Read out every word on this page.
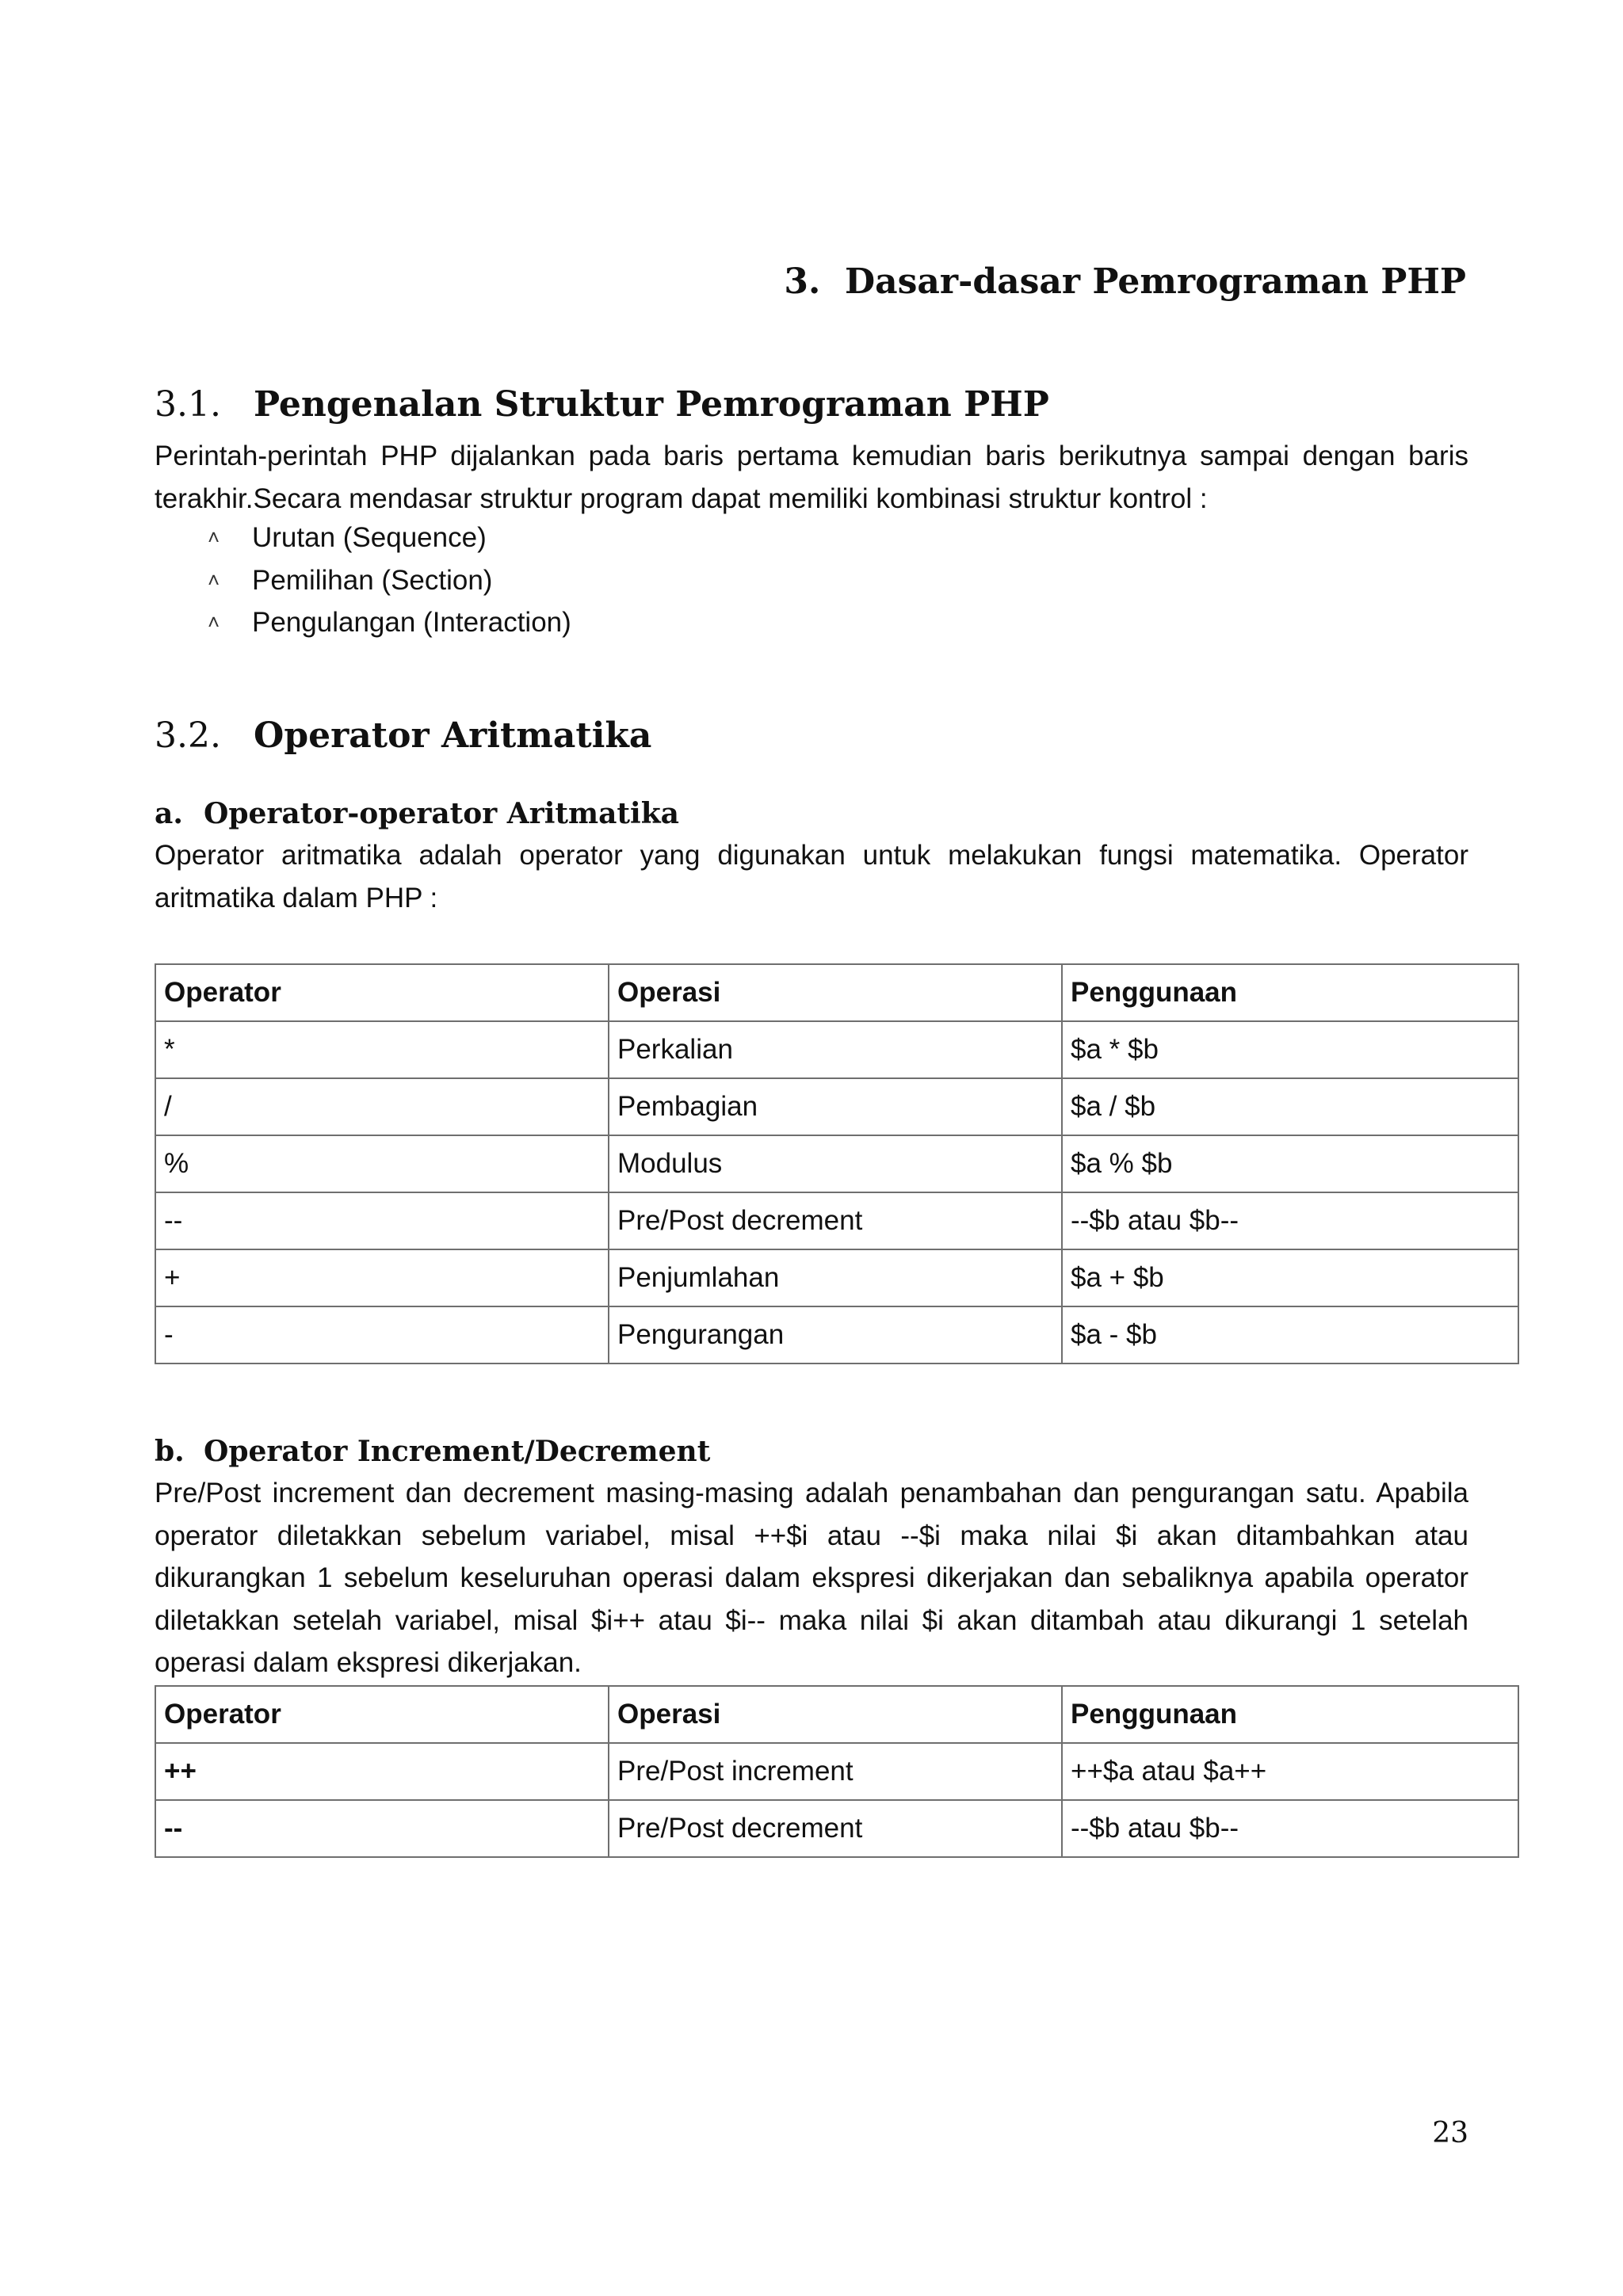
3. Dasar-dasar Pemrograman PHP
3.1. Pengenalan Struktur Pemrograman PHP

Perintah-perintah PHP dijalankan pada baris pertama kemudian baris berikutnya sampai dengan baris terakhir.Secara mendasar struktur program dapat memiliki kombinasi struktur kontrol :

˄	Urutan (Sequence)
˄	Pemilihan (Section)
˄	Pengulangan (Interaction)
3.2. Operator Aritmatika
a. Operator-operator Aritmatika

Operator aritmatika adalah operator yang digunakan untuk melakukan fungsi matematika. Operator aritmatika dalam PHP :

Operator	Operasi	Penggunaan
*	Perkalian	$a * $b
/	Pembagian	$a / $b
%	Modulus	$a % $b
--	Pre/Post decrement	--$b atau $b--
+	Penjumlahan	$a + $b
-	Pengurangan	$a - $b
b. Operator Increment/Decrement

Pre/Post increment dan decrement masing-masing adalah penambahan dan pengurangan satu. Apabila operator diletakkan sebelum variabel, misal ++$i atau --$i maka nilai $i akan ditambahkan atau dikurangkan 1 sebelum keseluruhan operasi dalam ekspresi dikerjakan dan sebaliknya apabila operator diletakkan setelah variabel, misal $i++ atau $i-- maka nilai $i akan ditambah atau dikurangi 1 setelah operasi dalam ekspresi dikerjakan.

Operator	Operasi	Penggunaan
++	Pre/Post increment	++$a atau $a++
--	Pre/Post decrement	--$b atau $b--

23
